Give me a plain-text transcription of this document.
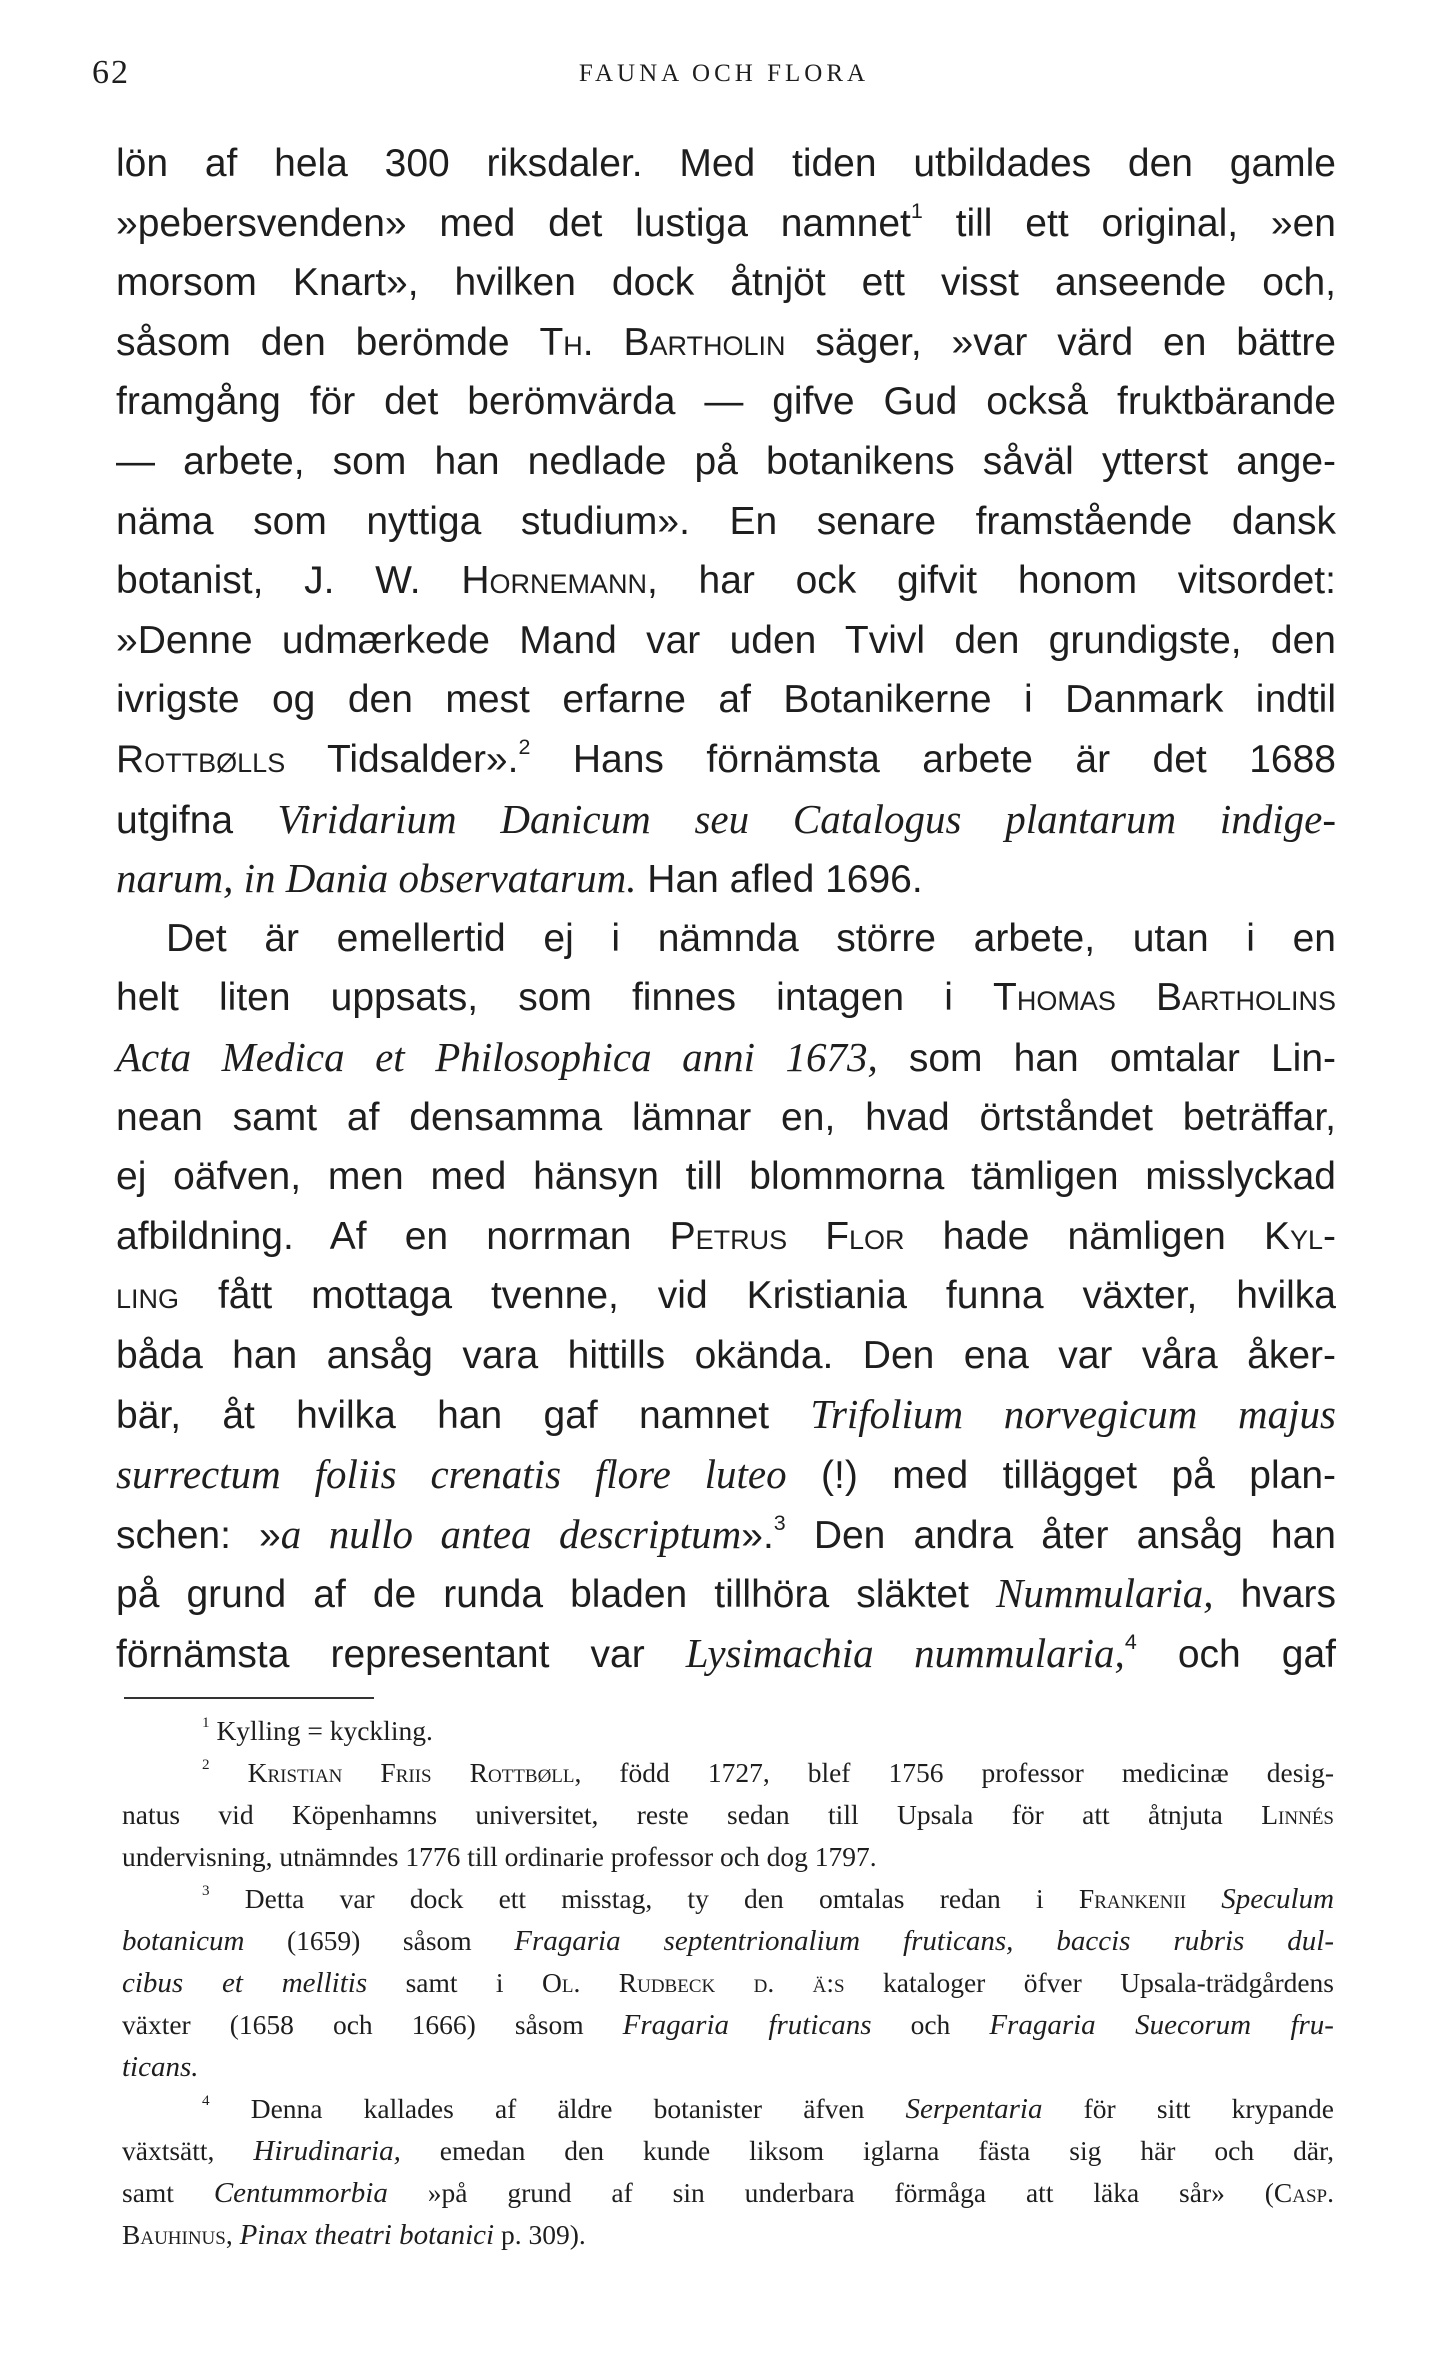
62	FAUNA OCH FLORA
lön af hela 300 riksdaler. Med tiden utbildades den gamle
»pebersvenden» med det lustiga namnet$^1$ till ett original, »en
morsom Knart», hvilken dock åtnjöt ett visst anseende och,
såsom den berömde Th. Bartholin säger, »var värd en bättre
framgång för det berömvärda — gifve Gud också fruktbärande
— arbete, som han nedlade på botanikens såväl ytterst ange-
näma som nyttiga studium». En senare framstående dansk
botanist, J. W. Hornemann, har ock gifvit honom vitsordet:
»Denne udmærkede Mand var uden Tvivl den grundigste, den
ivrigste og den mest erfarne af Botanikerne i Danmark indtil
Rottbølls Tidsalder».$^2$ Hans förnämsta arbete är det 1688
utgifna Viridarium Danicum seu Catalogus plantarum indige-
narum, in Dania observatarum. Han afled 1696.
Det är emellertid ej i nämnda större arbete, utan i en
helt liten uppsats, som finnes intagen i Thomas Bartholins
Acta Medica et Philosophica anni 1673, som han omtalar Lin-
nean samt af densamma lämnar en, hvad örtståndet beträffar,
ej oäfven, men med hänsyn till blommorna tämligen misslyckad
afbildning. Af en norrman Petrus Flor hade nämligen Kyl-
ling fått mottaga tvenne, vid Kristiania funna växter, hvilka
båda han ansåg vara hittills okända. Den ena var våra åker-
bär, åt hvilka han gaf namnet Trifolium norvegicum majus
surrectum foliis crenatis flore luteo (!) med tillägget på plan-
schen: »a nullo antea descriptum».$^3$ Den andra åter ansåg han
på grund af de runda bladen tillhöra släktet Nummularia, hvars
förnämsta representant var Lysimachia nummularia,$^4$ och gaf
$^1$ Kylling = kyckling.
$^2$ Kristian Friis Rottbøll, född 1727, blef 1756 professor medicinæ desig-
natus vid Köpenhamns universitet, reste sedan till Upsala för att åtnjuta Linnés
undervisning, utnämndes 1776 till ordinarie professor och dog 1797.
$^3$ Detta var dock ett misstag, ty den omtalas redan i Frankenii Speculum
botanicum (1659) såsom Fragaria septentrionalium fruticans, baccis rubris dul-
cibus et mellitis samt i Ol. Rudbeck d. ä:s kataloger öfver Upsala-trädgårdens
växter (1658 och 1666) såsom Fragaria fruticans och Fragaria Suecorum fru-
ticans.
$^4$ Denna kallades af äldre botanister äfven Serpentaria för sitt krypande
växtsätt, Hirudinaria, emedan den kunde liksom iglarna fästa sig här och där,
samt Centummorbia »på grund af sin underbara förmåga att läka sår» (Casp.
Bauhinus, Pinax theatri botanici p. 309).
